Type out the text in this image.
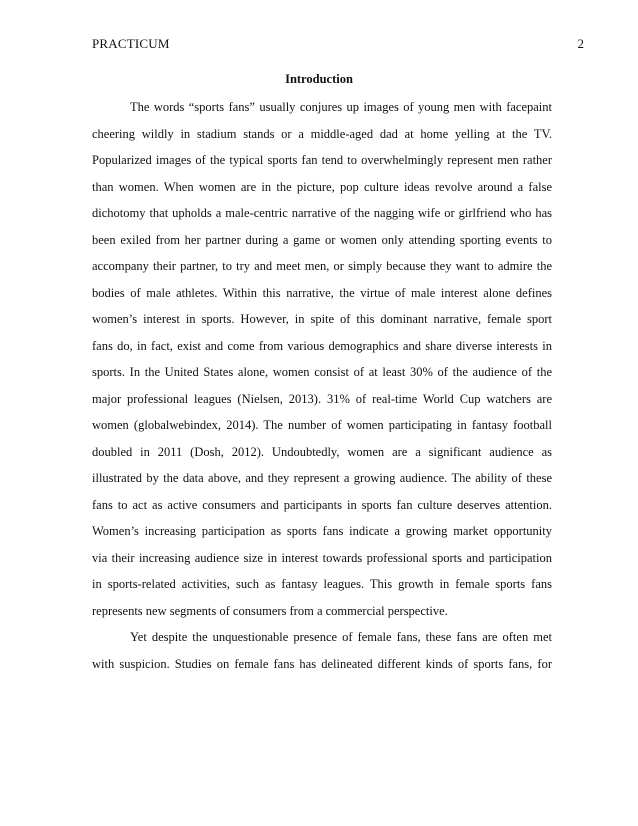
PRACTICUM	2
Introduction
The words “sports fans” usually conjures up images of young men with facepaint
cheering wildly in stadium stands or a middle-aged dad at home yelling at the TV.
Popularized images of the typical sports fan tend to overwhelmingly represent men rather
than women. When women are in the picture, pop culture ideas revolve around a false
dichotomy that upholds a male-centric narrative of the nagging wife or girlfriend who has
been exiled from her partner during a game or women only attending sporting events to
accompany their partner, to try and meet men, or simply because they want to admire the
bodies of male athletes. Within this narrative, the virtue of male interest alone defines
women’s interest in sports. However, in spite of this dominant narrative, female sport
fans do, in fact, exist and come from various demographics and share diverse interests in
sports. In the United States alone, women consist of at least 30% of the audience of the
major professional leagues (Nielsen, 2013). 31% of real-time World Cup watchers are
women (globalwebindex, 2014). The number of women participating in fantasy football
doubled in 2011 (Dosh, 2012). Undoubtedly, women are a significant audience as
illustrated by the data above, and they represent a growing audience. The ability of these
fans to act as active consumers and participants in sports fan culture deserves attention.
Women’s increasing participation as sports fans indicate a growing market opportunity
via their increasing audience size in interest towards professional sports and participation
in sports-related activities, such as fantasy leagues. This growth in female sports fans
represents new segments of consumers from a commercial perspective.
Yet despite the unquestionable presence of female fans, these fans are often met
with suspicion. Studies on female fans has delineated different kinds of sports fans, for
